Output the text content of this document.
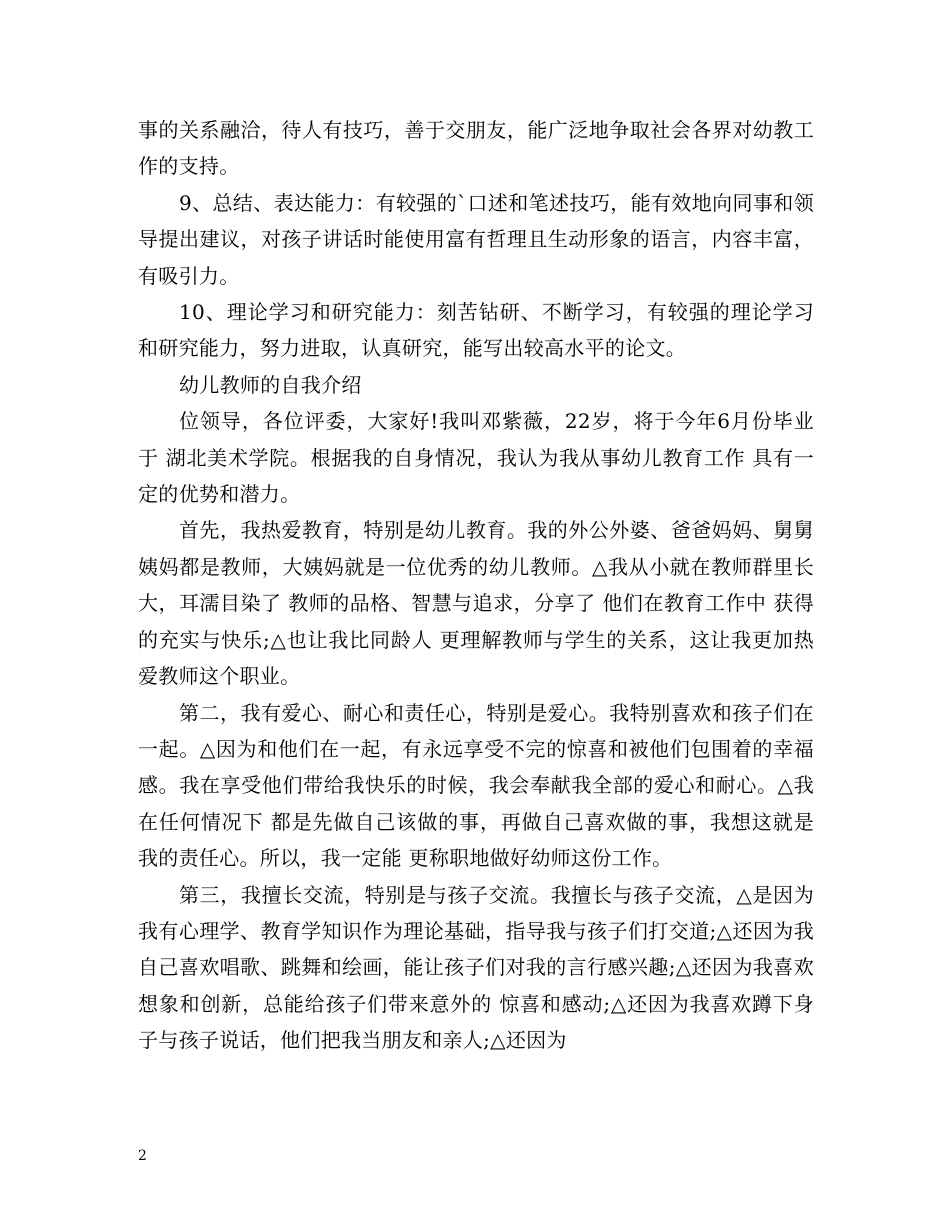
事的关系融洽，待人有技巧，善于交朋友，能广泛地争取社会各界对幼教工作的支持。

9、总结、表达能力：有较强的`口述和笔述技巧，能有效地向同事和领导提出建议，对孩子讲话时能使用富有哲理且生动形象的语言，内容丰富，有吸引力。

10、理论学习和研究能力：刻苦钻研、不断学习，有较强的理论学习和研究能力，努力进取，认真研究，能写出较高水平的论文。

幼儿教师的自我介绍

位领导，各位评委，大家好!我叫邓紫薇，22岁，将于今年6月份毕业于 湖北美术学院。根据我的自身情况，我认为我从事幼儿教育工作 具有一定的优势和潜力。

首先，我热爱教育，特别是幼儿教育。我的外公外婆、爸爸妈妈、舅舅姨妈都是教师，大姨妈就是一位优秀的幼儿教师。△我从小就在教师群里长大，耳濡目染了 教师的品格、智慧与追求，分享了 他们在教育工作中 获得的充实与快乐;△也让我比同龄人 更理解教师与学生的关系，这让我更加热爱教师这个职业。

第二，我有爱心、耐心和责任心，特别是爱心。我特别喜欢和孩子们在一起。△因为和他们在一起，有永远享受不完的惊喜和被他们包围着的幸福感。我在享受他们带给我快乐的时候，我会奉献我全部的爱心和耐心。△我在任何情况下 都是先做自己该做的事，再做自己喜欢做的事，我想这就是我的责任心。所以，我一定能 更称职地做好幼师这份工作。

第三，我擅长交流，特别是与孩子交流。我擅长与孩子交流，△是因为我有心理学、教育学知识作为理论基础，指导我与孩子们打交道;△还因为我自己喜欢唱歌、跳舞和绘画，能让孩子们对我的言行感兴趣;△还因为我喜欢想象和创新，总能给孩子们带来意外的 惊喜和感动;△还因为我喜欢蹲下身子与孩子说话，他们把我当朋友和亲人;△还因为

2
